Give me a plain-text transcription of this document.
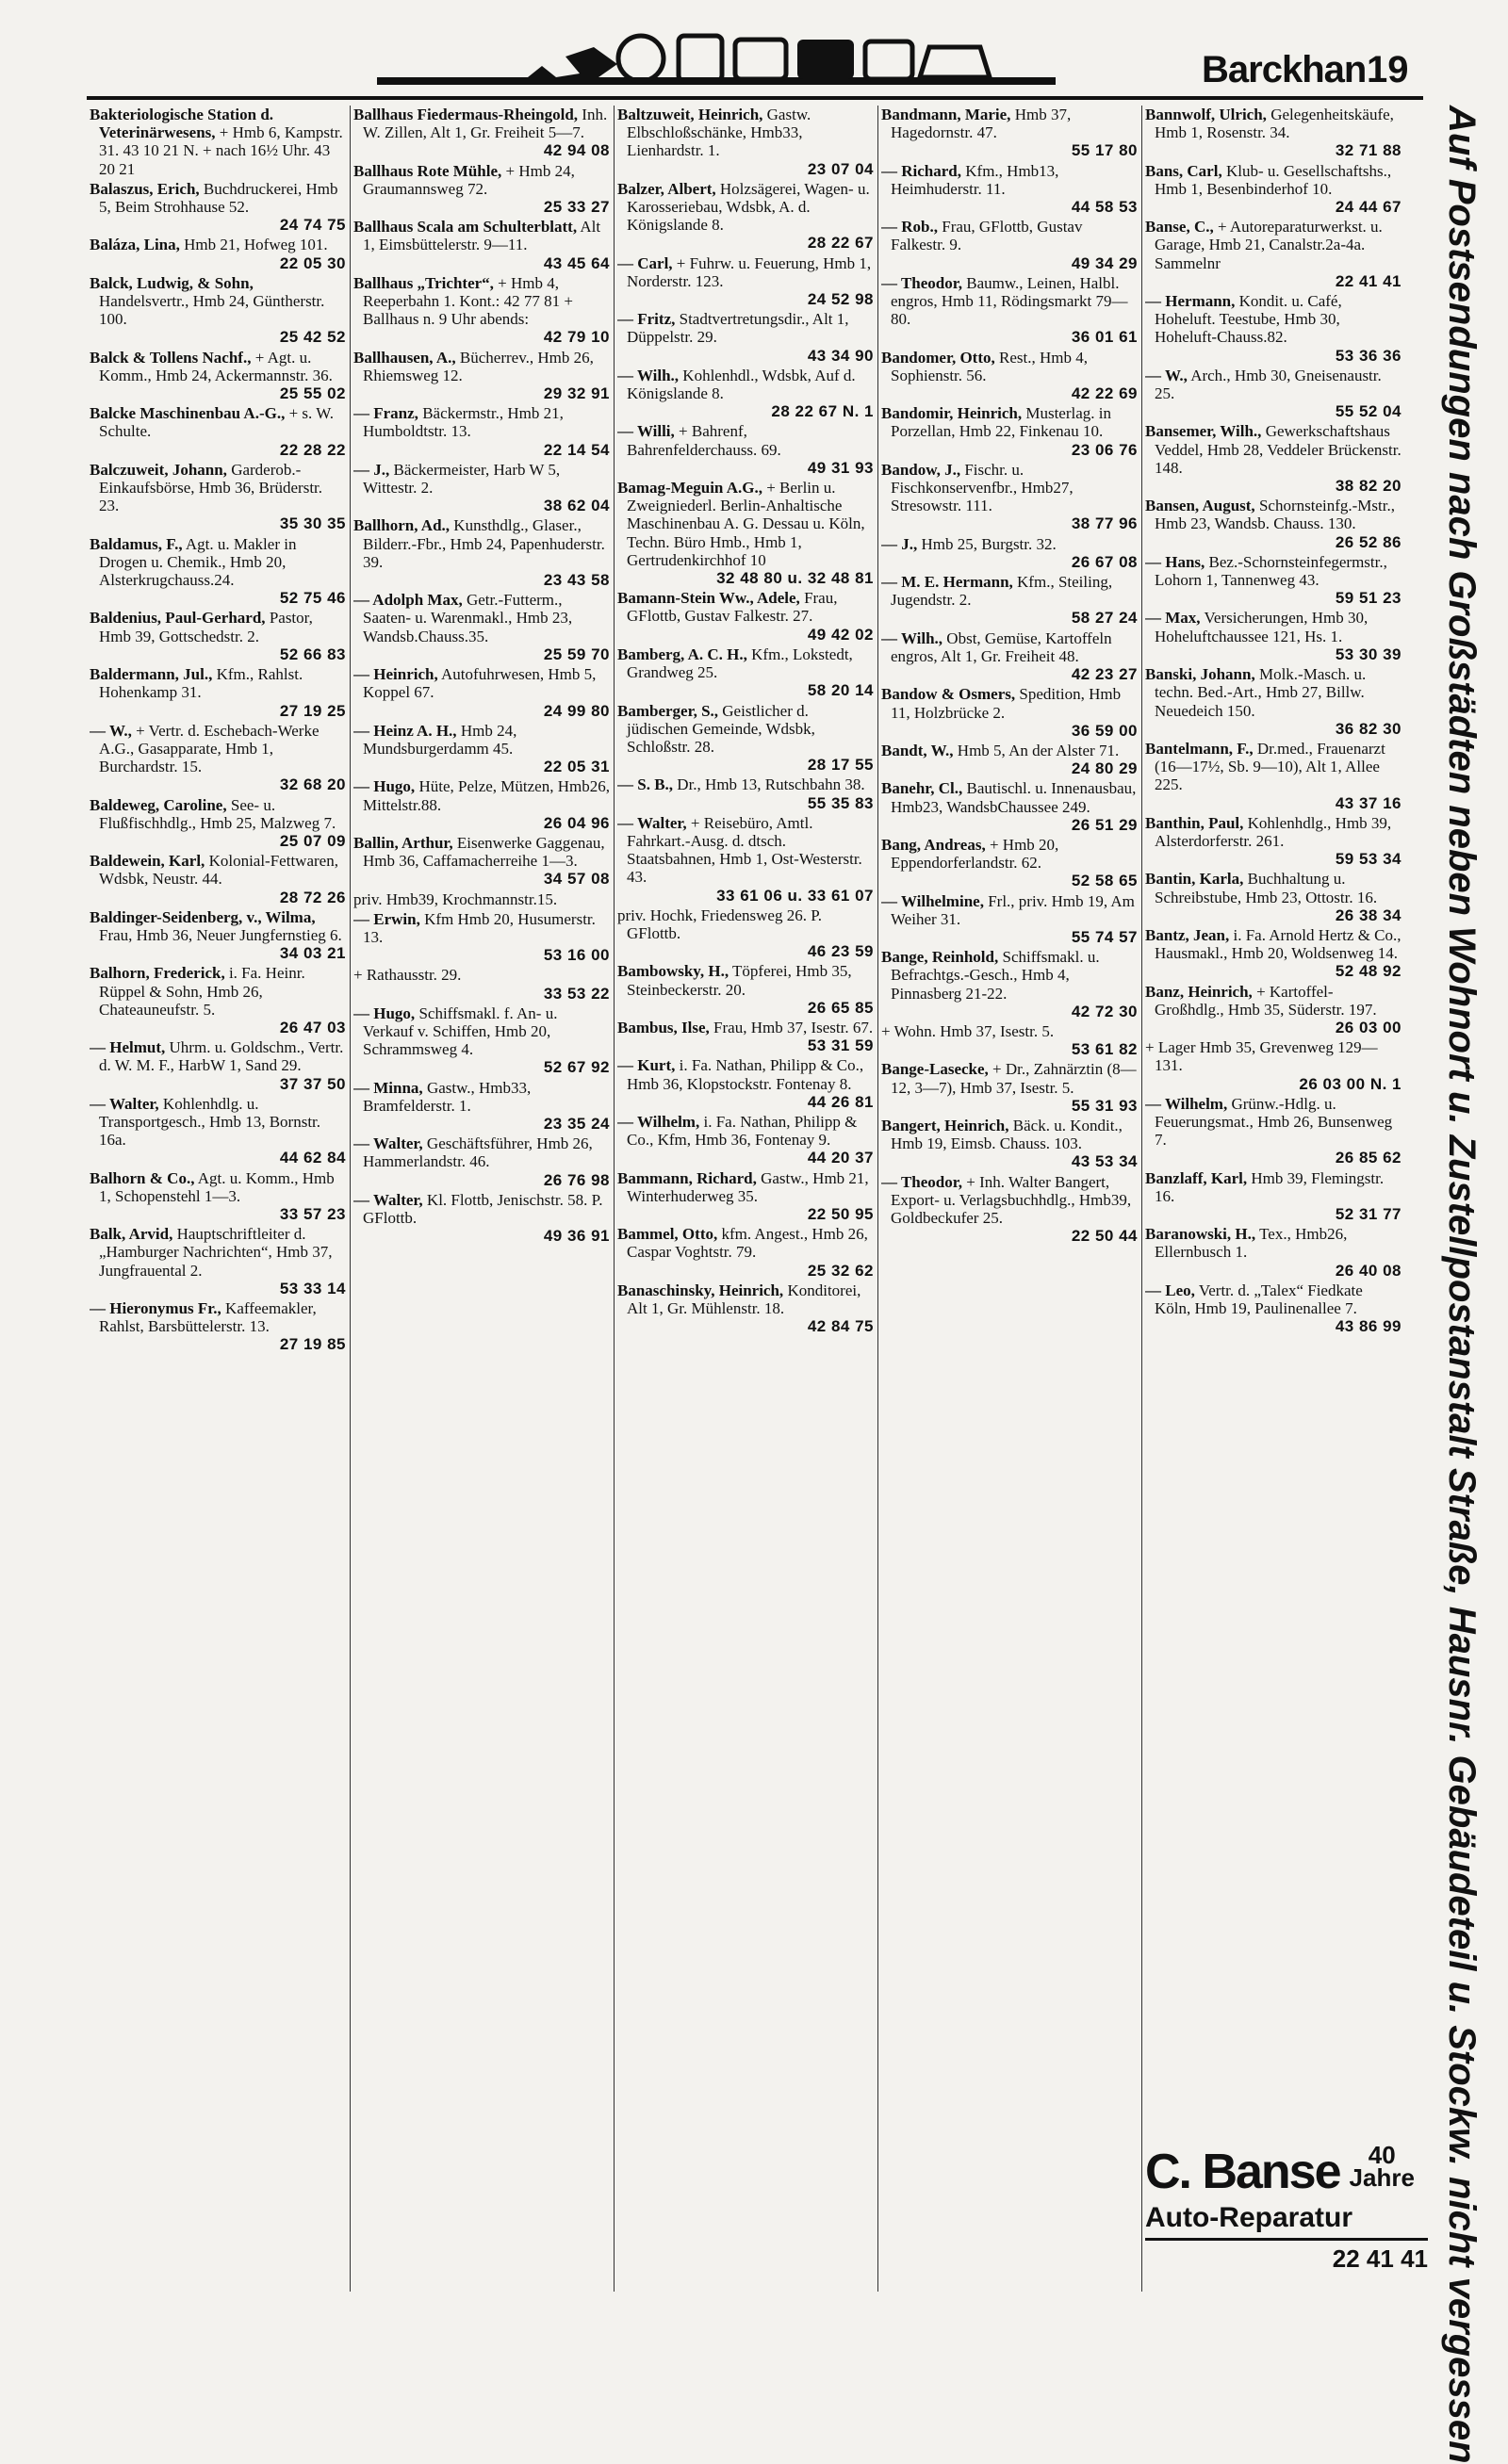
Barckhan 19
Bakteriologische Station d. Veterinärwesens, + Hmb 6, Kampstr. 31. 43 10 21 N. + nach 16½ Uhr. 43 20 21
Balaszus, Erich, Buchdruckerei, Hmb 5, Beim Strohhause 52.
24 74 75
Baláza, Lina, Hmb 21, Hofweg 101.
22 05 30
Balck, Ludwig, & Sohn, Handelsvertr., Hmb 24, Güntherstr. 100.
25 42 52
Balck & Tollens Nachf., + Agt. u. Komm., Hmb 24, Ackermannstr. 36.
25 55 02
Balcke Maschinenbau A.-G., + s. W. Schulte.
22 28 22
Balczuweit, Johann, Garderob.-Einkaufsbörse, Hmb 36, Brüderstr. 23.
35 30 35
Baldamus, F., Agt. u. Makler in Drogen u. Chemik., Hmb 20, Alsterkrugchauss.24.
52 75 46
Baldenius, Paul-Gerhard, Pastor, Hmb 39, Gottschedstr. 2.
52 66 83
Baldermann, Jul., Kfm., Rahlst. Hohenkamp 31.
27 19 25
— W., + Vertr. d. Eschebach-Werke A.G., Gasapparate, Hmb 1, Burchardstr. 15.
32 68 20
Baldeweg, Caroline, See- u. Flußfischhdlg., Hmb 25, Malzweg 7.
25 07 09
Baldewein, Karl, Kolonial-Fettwaren, Wdsbk, Neustr. 44.
28 72 26
Baldinger-Seidenberg, v., Wilma, Frau, Hmb 36, Neuer Jungfernstieg 6.
34 03 21
Balhorn, Frederick, i. Fa. Heinr. Rüppel & Sohn, Hmb 26, Chateauneufstr. 5.
26 47 03
— Helmut, Uhrm. u. Goldschm., Vertr. d. W. M. F., HarbW 1, Sand 29.
37 37 50
— Walter, Kohlenhdlg. u. Transportgesch., Hmb 13, Bornstr. 16a.
44 62 84
Balhorn & Co., Agt. u. Komm., Hmb 1, Schopenstehl 1—3.
33 57 23
Balk, Arvid, Hauptschriftleiter d. „Hamburger Nachrichten“, Hmb 37, Jungfrauental 2.
53 33 14
— Hieronymus Fr., Kaffeemakler, Rahlst, Barsbüttelerstr. 13.
27 19 85
Ballhaus Fiedermaus-Rheingold, Inh. W. Zillen, Alt 1, Gr. Freiheit 5—7.
42 94 08
Ballhaus Rote Mühle, + Hmb 24, Graumannsweg 72.
25 33 27
Ballhaus Scala am Schulterblatt, Alt 1, Eimsbüttelerstr. 9—11.
43 45 64
Ballhaus „Trichter“, + Hmb 4, Reeperbahn 1. Kont.: 42 77 81 + Ballhaus n. 9 Uhr abends:
42 79 10
Ballhausen, A., Bücherrev., Hmb 26, Rhiemsweg 12.
29 32 91
— Franz, Bäckermstr., Hmb 21, Humboldtstr. 13.
22 14 54
— J., Bäckermeister, Harb W 5, Wittestr. 2.
38 62 04
Ballhorn, Ad., Kunsthdlg., Glaser., Bilderr.-Fbr., Hmb 24, Papenhuderstr. 39.
23 43 58
— Adolph Max, Getr.-Futterm., Saaten- u. Warenmakl., Hmb 23, Wandsb.Chauss.35.
25 59 70
— Heinrich, Autofuhrwesen, Hmb 5, Koppel 67.
24 99 80
— Heinz A. H., Hmb 24, Mundsburgerdamm 45.
22 05 31
— Hugo, Hüte, Pelze, Mützen, Hmb26, Mittelstr.88.
26 04 96
Ballin, Arthur, Eisenwerke Gaggenau, Hmb 36, Caffamacherreihe 1—3.
34 57 08
priv. Hmb39, Krochmannstr.15.
— Erwin, Kfm Hmb 20, Husumerstr. 13.
53 16 00
+ Rathausstr. 29.
33 53 22
— Hugo, Schiffsmakl. f. An- u. Verkauf v. Schiffen, Hmb 20, Schrammsweg 4.
52 67 92
— Minna, Gastw., Hmb33, Bramfelderstr. 1.
23 35 24
— Walter, Geschäftsführer, Hmb 26, Hammerlandstr. 46.
26 76 98
— Walter, Kl. Flottb, Jenischstr. 58. P. GFlottb.
49 36 91
Baltzuweit, Heinrich, Gastw. Elbschloßschänke, Hmb33, Lienhardstr. 1.
23 07 04
Balzer, Albert, Holzsägerei, Wagen- u. Karosseriebau, Wdsbk, A. d. Königslande 8.
28 22 67
— Carl, + Fuhrw. u. Feuerung, Hmb 1, Norderstr. 123.
24 52 98
— Fritz, Stadtvertretungsdir., Alt 1, Düppelstr. 29.
43 34 90
— Wilh., Kohlenhdl., Wdsbk, Auf d. Königslande 8.
28 22 67 N. 1
— Willi, + Bahrenf, Bahrenfelderchauss. 69.
49 31 93
Bamag-Meguin A.G., + Berlin u. Zweigniederl. Berlin-Anhaltische Maschinenbau A. G. Dessau u. Köln, Techn. Büro Hmb., Hmb 1, Gertrudenkirchhof 10
32 48 80 u. 32 48 81
Bamann-Stein Ww., Adele, Frau, GFlottb, Gustav Falkestr. 27.
49 42 02
Bamberg, A. C. H., Kfm., Lokstedt, Grandweg 25.
58 20 14
Bamberger, S., Geistlicher d. jüdischen Gemeinde, Wdsbk, Schloßstr. 28.
28 17 55
— S. B., Dr., Hmb 13, Rutschbahn 38.
55 35 83
— Walter, + Reisebüro, Amtl. Fahrkart.-Ausg. d. dtsch. Staatsbahnen, Hmb 1, Ost-Westerstr. 43.
33 61 06 u. 33 61 07
priv. Hochk, Friedensweg 26. P. GFlottb.
46 23 59
Bambowsky, H., Töpferei, Hmb 35, Steinbeckerstr. 20.
26 65 85
Bambus, Ilse, Frau, Hmb 37, Isestr. 67.
53 31 59
— Kurt, i. Fa. Nathan, Philipp & Co., Hmb 36, Klopstockstr. Fontenay 8.
44 26 81
— Wilhelm, i. Fa. Nathan, Philipp & Co., Kfm, Hmb 36, Fontenay 9.
44 20 37
Bammann, Richard, Gastw., Hmb 21, Winterhuderweg 35.
22 50 95
Bammel, Otto, kfm. Angest., Hmb 26, Caspar Voghtstr. 79.
25 32 62
Banaschinsky, Heinrich, Konditorei, Alt 1, Gr. Mühlenstr. 18.
42 84 75
Bandmann, Marie, Hmb 37, Hagedornstr. 47.
55 17 80
— Richard, Kfm., Hmb13, Heimhuderstr. 11.
44 58 53
— Rob., Frau, GFlottb, Gustav Falkestr. 9.
49 34 29
— Theodor, Baumw., Leinen, Halbl. engros, Hmb 11, Rödingsmarkt 79—80.
36 01 61
Bandomer, Otto, Rest., Hmb 4, Sophienstr. 56.
42 22 69
Bandomir, Heinrich, Musterlag. in Porzellan, Hmb 22, Finkenau 10.
23 06 76
Bandow, J., Fischr. u. Fischkonservenfbr., Hmb27, Stresowstr. 111.
38 77 96
— J., Hmb 25, Burgstr. 32.
26 67 08
— M. E. Hermann, Kfm., Steiling, Jugendstr. 2.
58 27 24
— Wilh., Obst, Gemüse, Kartoffeln engros, Alt 1, Gr. Freiheit 48.
42 23 27
Bandow & Osmers, Spedition, Hmb 11, Holzbrücke 2.
36 59 00
Bandt, W., Hmb 5, An der Alster 71.
24 80 29
Banehr, Cl., Bautischl. u. Innenausbau, Hmb23, WandsbChaussee 249.
26 51 29
Bang, Andreas, + Hmb 20, Eppendorferlandstr. 62.
52 58 65
— Wilhelmine, Frl., priv. Hmb 19, Am Weiher 31.
55 74 57
Bange, Reinhold, Schiffsmakl. u. Befrachtgs.-Gesch., Hmb 4, Pinnasberg 21-22.
42 72 30
+ Wohn. Hmb 37, Isestr. 5.
53 61 82
Bange-Lasecke, + Dr., Zahnärztin (8—12, 3—7), Hmb 37, Isestr. 5.
55 31 93
Bangert, Heinrich, Bäck. u. Kondit., Hmb 19, Eimsb. Chauss. 103.
43 53 34
— Theodor, + Inh. Walter Bangert, Export- u. Verlagsbuchhdlg., Hmb39, Goldbeckufer 25.
22 50 44
Bannwolf, Ulrich, Gelegenheitskäufe, Hmb 1, Rosenstr. 34.
32 71 88
Bans, Carl, Klub- u. Gesellschaftshs., Hmb 1, Besenbinderhof 10.
24 44 67
Banse, C., + Autoreparaturwerkst. u. Garage, Hmb 21, Canalstr.2a-4a. Sammelnr
22 41 41
— Hermann, Kondit. u. Café, Hoheluft. Teestube, Hmb 30, Hoheluft-Chauss.82.
53 36 36
— W., Arch., Hmb 30, Gneisenaustr. 25.
55 52 04
Bansemer, Wilh., Gewerkschaftshaus Veddel, Hmb 28, Veddeler Brückenstr. 148.
38 82 20
Bansen, August, Schornsteinfg.-Mstr., Hmb 23, Wandsb. Chauss. 130.
26 52 86
— Hans, Bez.-Schornsteinfegermstr., Lohorn 1, Tannenweg 43.
59 51 23
— Max, Versicherungen, Hmb 30, Hoheluftchaussee 121, Hs. 1.
53 30 39
Banski, Johann, Molk.-Masch. u. techn. Bed.-Art., Hmb 27, Billw. Neuedeich 150.
36 82 30
Bantelmann, F., Dr.med., Frauenarzt (16—17½, Sb. 9—10), Alt 1, Allee 225.
43 37 16
Banthin, Paul, Kohlenhdlg., Hmb 39, Alsterdorferstr. 261.
59 53 34
Bantin, Karla, Buchhaltung u. Schreibstube, Hmb 23, Ottostr. 16.
26 38 34
Bantz, Jean, i. Fa. Arnold Hertz & Co., Hausmakl., Hmb 20, Woldsenweg 14.
52 48 92
Banz, Heinrich, + Kartoffel-Großhdlg., Hmb 35, Süderstr. 197.
26 03 00
+ Lager Hmb 35, Grevenweg 129—131.
26 03 00 N. 1
— Wilhelm, Grünw.-Hdlg. u. Feuerungsmat., Hmb 26, Bunsenweg 7.
26 85 62
Banzlaff, Karl, Hmb 39, Flemingstr. 16.
52 31 77
Baranowski, H., Tex., Hmb26, Ellernbusch 1.
26 40 08
— Leo, Vertr. d. „Talex“ Fiedkate Köln, Hmb 19, Paulinenallee 7.
43 86 99 Auf Postsendungen nach Großstädten neben Wohnort u. Zustellpostanstalt Straße, Hausnr. Gebäudeteil u. Stockw. nicht vergessen
C. Banse 40
Jahre
Auto-Reparatur
22 41 41
